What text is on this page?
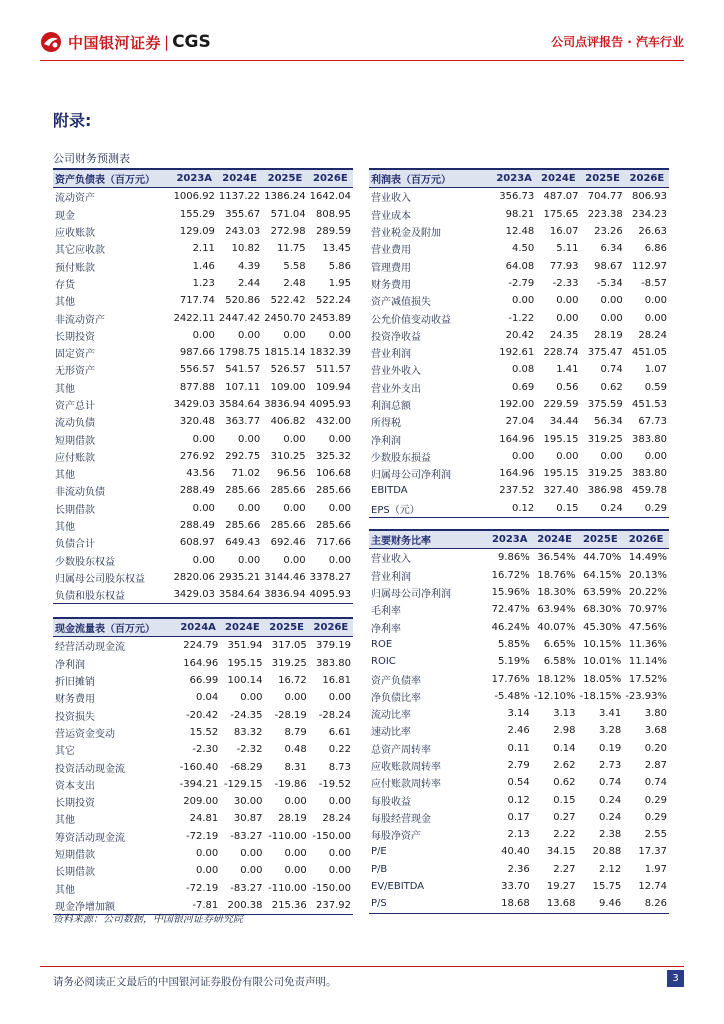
中国银河证券 | CGS	公司点评报告 · 汽车行业
附录:
公司财务预测表
资产负债表（百万元）	2023A	2024E	2025E	2026E
流动资产	1006.92	1137.22	1386.24	1642.04
现金	155.29	355.67	571.04	808.95
应收账款	129.09	243.03	272.98	289.59
其它应收款	2.11	10.82	11.75	13.45
预付账款	1.46	4.39	5.58	5.86
存货	1.23	2.44	2.48	1.95
其他	717.74	520.86	522.42	522.24
非流动资产	2422.11	2447.42	2450.70	2453.89
长期投资	0.00	0.00	0.00	0.00
固定资产	987.66	1798.75	1815.14	1832.39
无形资产	556.57	541.57	526.57	511.57
其他	877.88	107.11	109.00	109.94
资产总计	3429.03	3584.64	3836.94	4095.93
流动负债	320.48	363.77	406.82	432.00
短期借款	0.00	0.00	0.00	0.00
应付账款	276.92	292.75	310.25	325.32
其他	43.56	71.02	96.56	106.68
非流动负债	288.49	285.66	285.66	285.66
长期借款	0.00	0.00	0.00	0.00
其他	288.49	285.66	285.66	285.66
负债合计	608.97	649.43	692.46	717.66
少数股东权益	0.00	0.00	0.00	0.00
归属母公司股东权益	2820.06	2935.21	3144.46	3378.27
负债和股东权益	3429.03	3584.64	3836.94	4095.93
现金流量表（百万元）	2024A	2024E	2025E	2026E
经营活动现金流	224.79	351.94	317.05	379.19
净利润	164.96	195.15	319.25	383.80
折旧摊销	66.99	100.14	16.72	16.81
财务费用	0.04	0.00	0.00	0.00
投资损失	-20.42	-24.35	-28.19	-28.24
营运资金变动	15.52	83.32	8.79	6.61
其它	-2.30	-2.32	0.48	0.22
投资活动现金流	-160.40	-68.29	8.31	8.73
资本支出	-394.21	-129.15	-19.86	-19.52
长期投资	209.00	30.00	0.00	0.00
其他	24.81	30.87	28.19	28.24
筹资活动现金流	-72.19	-83.27	-110.00	-150.00
短期借款	0.00	0.00	0.00	0.00
长期借款	0.00	0.00	0.00	0.00
其他	-72.19	-83.27	-110.00	-150.00
现金净增加额	-7.81	200.38	215.36	237.92
利润表（百万元）	2023A	2024E	2025E	2026E
营业收入	356.73	487.07	704.77	806.93
营业成本	98.21	175.65	223.38	234.23
营业税金及附加	12.48	16.07	23.26	26.63
营业费用	4.50	5.11	6.34	6.86
管理费用	64.08	77.93	98.67	112.97
财务费用	-2.79	-2.33	-5.34	-8.57
资产减值损失	0.00	0.00	0.00	0.00
公允价值变动收益	-1.22	0.00	0.00	0.00
投资净收益	20.42	24.35	28.19	28.24
营业利润	192.61	228.74	375.47	451.05
营业外收入	0.08	1.41	0.74	1.07
营业外支出	0.69	0.56	0.62	0.59
利润总额	192.00	229.59	375.59	451.53
所得税	27.04	34.44	56.34	67.73
净利润	164.96	195.15	319.25	383.80
少数股东损益	0.00	0.00	0.00	0.00
归属母公司净利润	164.96	195.15	319.25	383.80
EBITDA	237.52	327.40	386.98	459.78
EPS（元）	0.12	0.15	0.24	0.29
主要财务比率	2023A	2024E	2025E	2026E
营业收入	9.86%	36.54%	44.70%	14.49%
营业利润	16.72%	18.76%	64.15%	20.13%
归属母公司净利润	15.96%	18.30%	63.59%	20.22%
毛利率	72.47%	63.94%	68.30%	70.97%
净利率	46.24%	40.07%	45.30%	47.56%
ROE	5.85%	6.65%	10.15%	11.36%
ROIC	5.19%	6.58%	10.01%	11.14%
资产负债率	17.76%	18.12%	18.05%	17.52%
净负债比率	-5.48%	-12.10%	-18.15%	-23.93%
流动比率	3.14	3.13	3.41	3.80
速动比率	2.46	2.98	3.28	3.68
总资产周转率	0.11	0.14	0.19	0.20
应收账款周转率	2.79	2.62	2.73	2.87
应付账款周转率	0.54	0.62	0.74	0.74
每股收益	0.12	0.15	0.24	0.29
每股经营现金	0.17	0.27	0.24	0.29
每股净资产	2.13	2.22	2.38	2.55
P/E	40.40	34.15	20.88	17.37
P/B	2.36	2.27	2.12	1.97
EV/EBITDA	33.70	19.27	15.75	12.74
P/S	18.68	13.68	9.46	8.26
资料来源：公司数据，中国银河证券研究院
请务必阅读正文最后的中国银河证券股份有限公司免责声明。	3
